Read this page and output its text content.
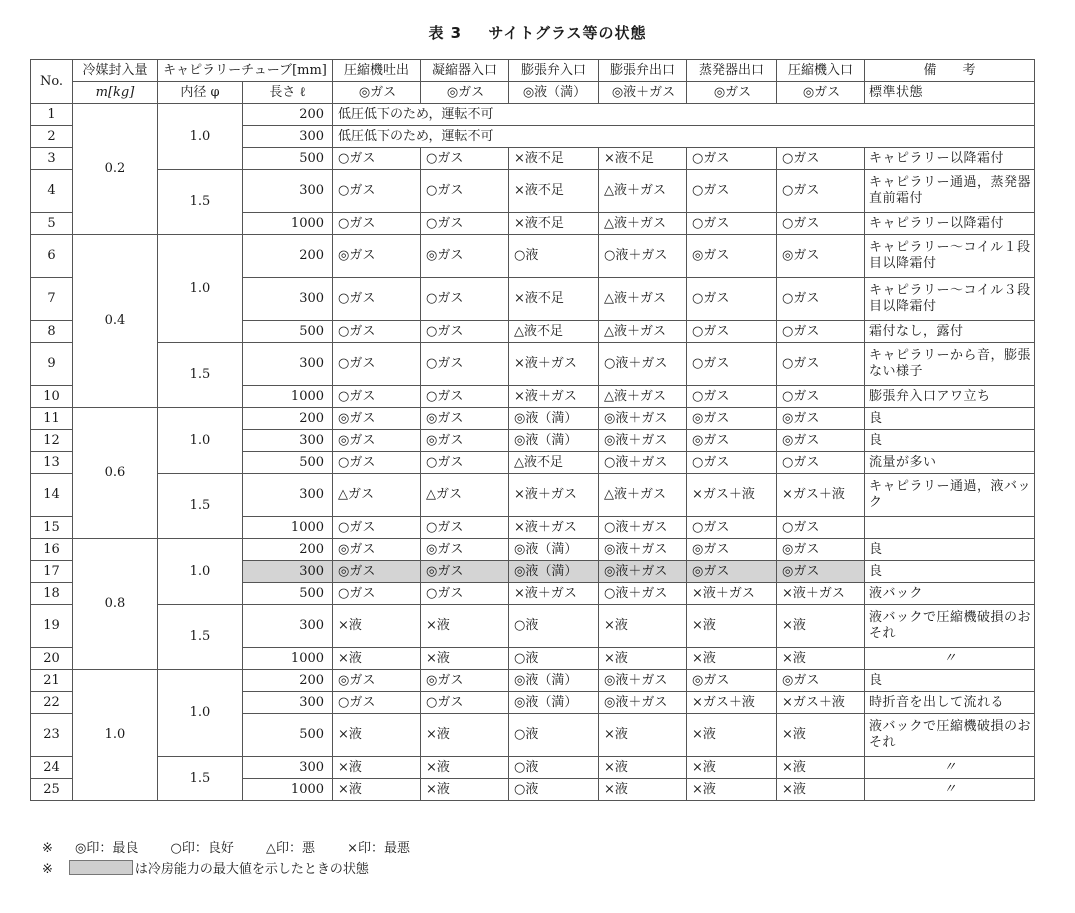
表 3 サイトグラス等の状態
No.	冷媒封入量	キャピラリーチューブ[mm]		圧縮機吐出	凝縮器入口	膨張弁入口	膨張弁出口	蒸発器出口	圧縮機入口	備　　考
	m[kg]	内径 φ	長さ ℓ	◎ガス	◎ガス	◎液（満）	◎液＋ガス	◎ガス	◎ガス	標準状態
1	0.2	1.0	200	低圧低下のため，運転不可						
2			300	低圧低下のため，運転不可						
3			500	○ガス	○ガス	×液不足	×液不足	○ガス	○ガス	キャピラリー以降霜付
4		1.5	300	○ガス	○ガス	×液不足	△液＋ガス	○ガス	○ガス	キャピラリー通過，蒸発器直前霜付
5			1000	○ガス	○ガス	×液不足	△液＋ガス	○ガス	○ガス	キャピラリー以降霜付
6	0.4	1.0	200	◎ガス	◎ガス	○液	○液＋ガス	◎ガス	◎ガス	キャピラリー～コイル１段目以降霜付
7			300	○ガス	○ガス	×液不足	△液＋ガス	○ガス	○ガス	キャピラリー～コイル３段目以降霜付
8			500	○ガス	○ガス	△液不足	△液＋ガス	○ガス	○ガス	霜付なし，露付
9		1.5	300	○ガス	○ガス	×液＋ガス	○液＋ガス	○ガス	○ガス	キャピラリーから音，膨張ない様子
10			1000	○ガス	○ガス	×液＋ガス	△液＋ガス	○ガス	○ガス	膨張弁入口アワ立ち
11	0.6	1.0	200	◎ガス	◎ガス	◎液（満）	◎液＋ガス	◎ガス	◎ガス	良
12			300	◎ガス	◎ガス	◎液（満）	◎液＋ガス	◎ガス	◎ガス	良
13			500	○ガス	○ガス	△液不足	○液＋ガス	○ガス	○ガス	流量が多い
14		1.5	300	△ガス	△ガス	×液＋ガス	△液＋ガス	×ガス＋液	×ガス＋液	キャピラリー通過，液バック
15			1000	○ガス	○ガス	×液＋ガス	○液＋ガス	○ガス	○ガス	
16	0.8	1.0	200	◎ガス	◎ガス	◎液（満）	◎液＋ガス	◎ガス	◎ガス	良
17			300	◎ガス	◎ガス	◎液（満）	◎液＋ガス	◎ガス	◎ガス	良
18			500	○ガス	○ガス	×液＋ガス	○液＋ガス	×液＋ガス	×液＋ガス	液バック
19		1.5	300	×液	×液	○液	×液	×液	×液	液バックで圧縮機破損のおそれ
20			1000	×液	×液	○液	×液	×液	×液	〃
21	1.0	1.0	200	◎ガス	◎ガス	◎液（満）	◎液＋ガス	◎ガス	◎ガス	良
22			300	○ガス	○ガス	◎液（満）	◎液＋ガス	×ガス＋液	×ガス＋液	時折音を出して流れる
23			500	×液	×液	○液	×液	×液	×液	液バックで圧縮機破損のおそれ
24		1.5	300	×液	×液	○液	×液	×液	×液	〃
25			1000	×液	×液	○液	×液	×液	×液	〃
※ ◎印：最良 ○印：良好 △印：悪 ×印：最悪
※	は冷房能力の最大値を示したときの状態
